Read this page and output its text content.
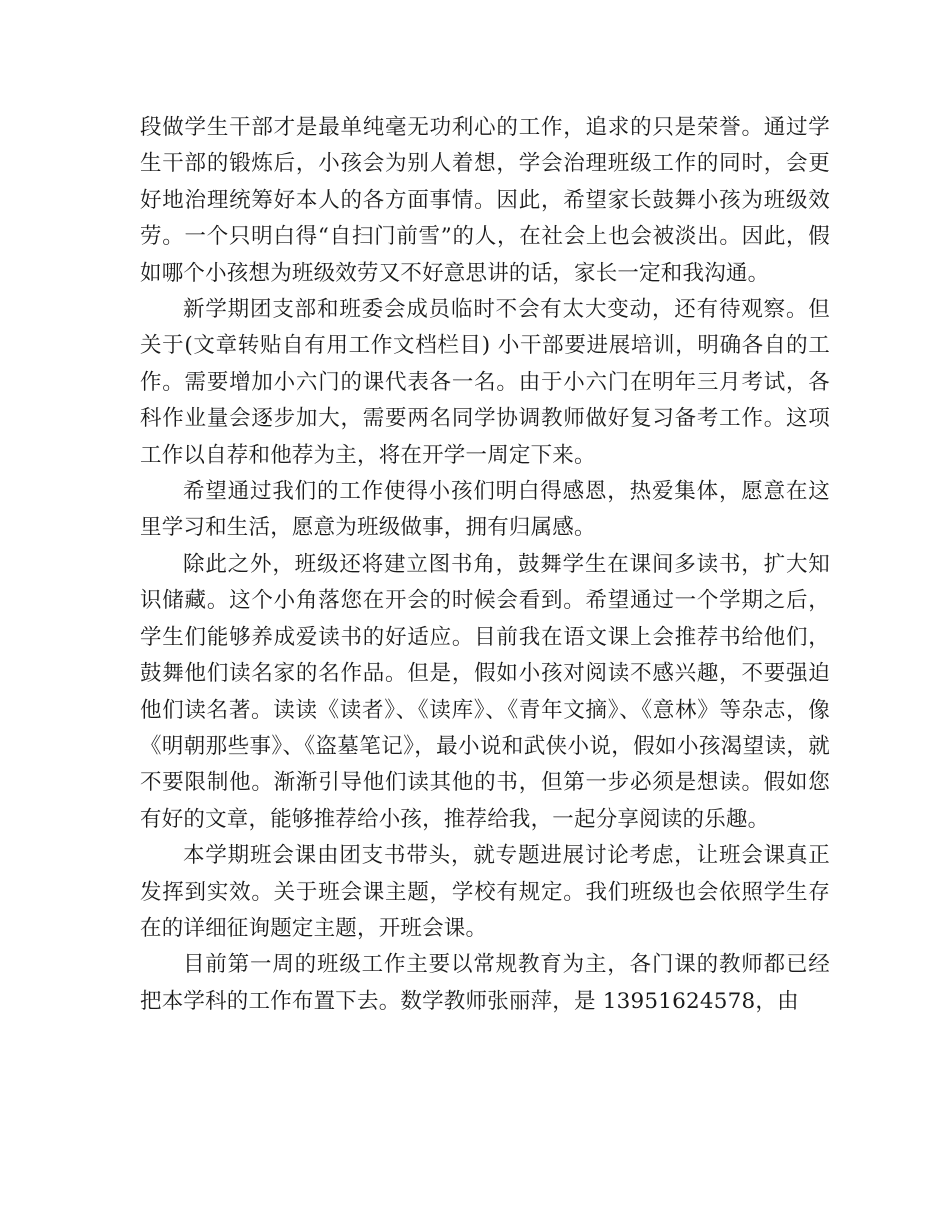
段做学生干部才是最单纯毫无功利心的工作，追求的只是荣誉。通过学生干部的锻炼后，小孩会为别人着想，学会治理班级工作的同时，会更好地治理统筹好本人的各方面事情。因此，希望家长鼓舞小孩为班级效劳。一个只明白得“自扫门前雪”的人，在社会上也会被淡出。因此，假如哪个小孩想为班级效劳又不好意思讲的话，家长一定和我沟通。

新学期团支部和班委会成员临时不会有太大变动，还有待观察。但关于(文章转贴自有用工作文档栏目) 小干部要进展培训，明确各自的工作。需要增加小六门的课代表各一名。由于小六门在明年三月考试，各科作业量会逐步加大，需要两名同学协调教师做好复习备考工作。这项工作以自荐和他荐为主，将在开学一周定下来。

希望通过我们的工作使得小孩们明白得感恩，热爱集体，愿意在这里学习和生活，愿意为班级做事，拥有归属感。

除此之外，班级还将建立图书角，鼓舞学生在课间多读书，扩大知识储藏。这个小角落您在开会的时候会看到。希望通过一个学期之后，学生们能够养成爱读书的好适应。目前我在语文课上会推荐书给他们，鼓舞他们读名家的名作品。但是，假如小孩对阅读不感兴趣，不要强迫他们读名著。读读《读者》、《读库》、《青年文摘》、《意林》等杂志，像《明朝那些事》、《盗墓笔记》，最小说和武侠小说，假如小孩渴望读，就不要限制他。渐渐引导他们读其他的书，但第一步必须是想读。假如您有好的文章，能够推荐给小孩，推荐给我，一起分享阅读的乐趣。

本学期班会课由团支书带头，就专题进展讨论考虑，让班会课真正发挥到实效。关于班会课主题，学校有规定。我们班级也会依照学生存在的详细征询题定主题，开班会课。

目前第一周的班级工作主要以常规教育为主，各门课的教师都已经把本学科的工作布置下去。数学教师张丽萍，是 13951624578，由
